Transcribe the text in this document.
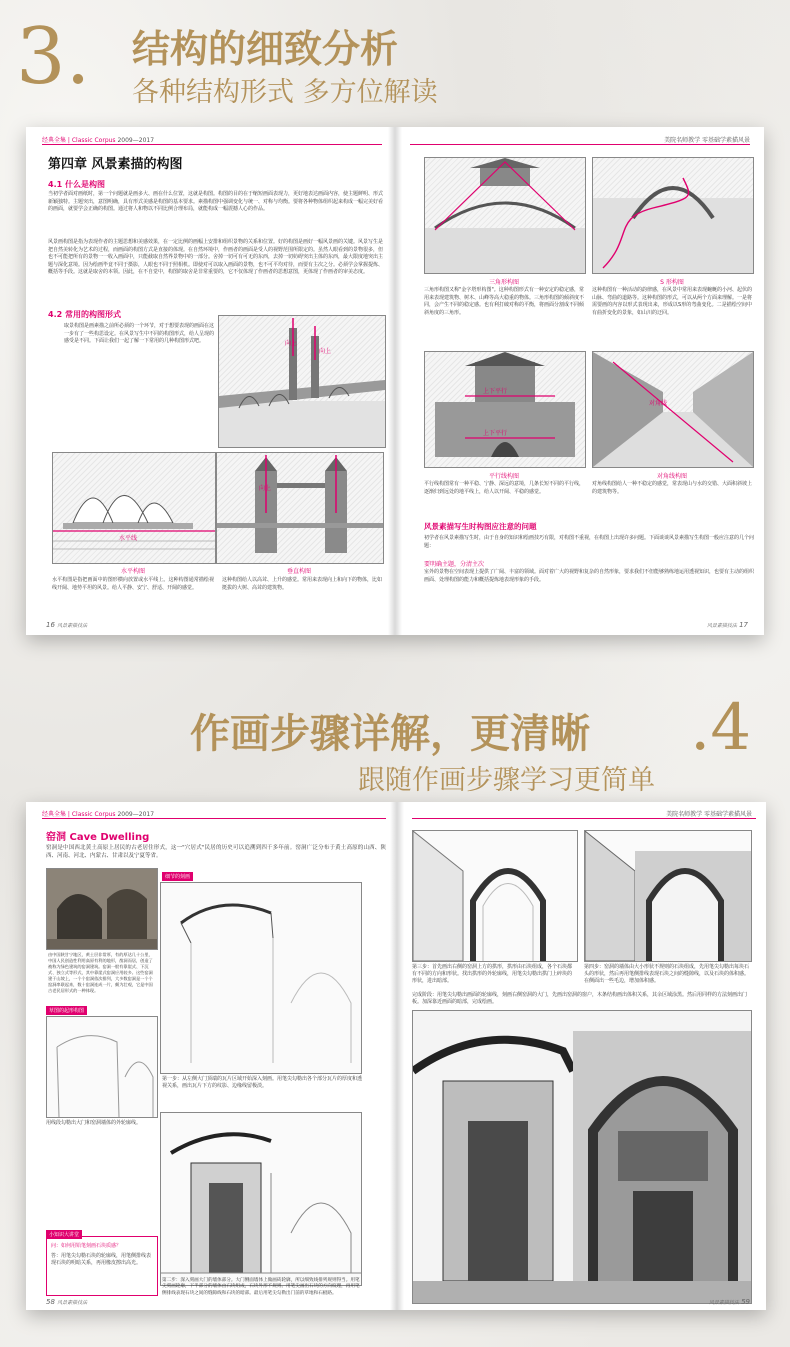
3. 结构的细致分析
各种结构形式 多方位解读
经典全集 | Classic Corpus 2009—2017
第四章 风景素描的构图
4.1 什么是构图
当初学者面对画纸时，第一个问题就是画多大、画在什么位置，这就是构图。构图的目的在于缩短画面表现力，更好地表达画面内容，使主题鲜明、形式新颖独特。主题突出，意图明确，具有形式美感是构图的基本要求。素描构图中强调变化与统一、对称与均衡。要将各种物体组织起来构成一幅完美好看的画面，就要学会正确的构图。通过将人和物以不同比例合理布局，就能构成一幅震撼人心的作品。
风景画构图是指为表现作者的主题思想和美感效果，在一定比例的画幅上安排和组织景物的关系和位置。好的构图是画好一幅风景画的关键。风景写生是把自然美转化为艺术的过程，而画面的构图方式是直接的体现。在自然环境中，作画者的画面是受人的视野范围所限定的。虽然人眼看到的景物很多，但也不可能把所有的景物一一收入画面中，只能截取自然界景物中的一部分。舍掉一切可有可无的东西，去掉一切妨碍突出主体的东西，最大限度地突出主题与深化意境。因为绘画毕竟不同于摄影，人眼也不同于照相机。即使对可以取入画面的景物，也不可平均对待，而要有主次之分。必须学会掌握提炼、概括等手段。这就是取舍的本领。因此，在不自觉中，构图的取舍是非常重要的，它不仅体现了作画者的思想意图，更体现了作画者的审美态度。
4.2 常用的构图形式
取景构图是画素描之前所必须的一个环节，对于想要表现的画面在这一步有了一些构思设定。在风景写生中不同的构图形式，给人呈现的感受是不同。下面让我们一起了解一下常用的几种构图形式吧。	向上
向上
水平线
向上
水平构图	垂直构图
水平构图是指把画面中的图形横向放置或水平线上。这种构图通常描绘视线开阔、地势平坦的风景。给人平静、安宁、舒适、开阔的感觉。
这种构图给人以高耸、上升的感觉。常用来表现向上和向下的物体，比如挺拔的大树、高耸的建筑物。
16 风景素描技法
美院名师教学 零基础学素描风景
三角形构图	S 形构图
三角形构图又称"金字塔形构图"。这种构图形式有一种安定的稳定感，常用来表现建筑物、树木、山峰等高大稳重的物体。三角形构图的倾斜度不同，会产生不同的稳定感。也有利打破对称的平衡，将画面分割成不同倾斜角度的三角形。
这种构图有一种活动的韵律感，在风景中常用来表现蜿蜒的小河、起伏的山脉、弯曲的道路等。这种构图的形式，可以从两个方面来理解。一是将需要画的内容以形式表现出来，形成以S形的弯曲变化。二是描绘空间中有曲折变化的景象，如山川的迂回。
上下平行
上下平行
对角线
平行线构图	对角线构图
平行线构图常有一种平稳、宁静、深远的意境，几条长短不同的平行线，逐渐归到远处的地平线上，给人以开阔、平稳的感觉。
对角线构图给人一种不稳定的感觉，常表现山与水的交错、大面积斜坡上的建筑物等。
风景素描写生时构图应注意的问题
初学者在风景素描写生时，由于自身的知识和绘画技巧有限，对构图不重视，在构图上出现许多问题。下面谈谈风景素描写生构图一般应注意的几个问题：
要明确主题，分清主次
室外的景物在空间表现上提供了广阔、丰富的领域。面对着广大的视野和复杂的自然形象，要求我们不但能够熟练地运用透视知识，也要有主动的组织画面、处理构图的能力和概括提炼地表现形象的手段。
风景素描技法 17
作画步骤详解，更清晰 .4
跟随作画步骤学习更简单
经典全集 | Classic Corpus 2009—2017
窑洞 Cave Dwelling
窑洞是中国西北黄土高原上居民的古老居住形式，这一"穴居式"民居的历史可以追溯到四千多年前。窑洞广泛分布于黄土高原的山西、陕西、河南、河北、内蒙古、甘肃以及宁夏等省。
由中国陕甘宁地区，黄土层非常厚，有的厚达几十公里，中国人民创造性利用高原有利的地形，凿洞而居，创造了被称为绿色建筑的窑洞建筑。窑洞一般有靠崖式、下沉式、独立式等形式，其中靠崖式窑洞应用较多。这些窑洞建于山坡上，一个个窑洞依次排列，大多数窑洞是一个个窑洞串联起来，数十窑洞连成一片，颇为壮观，它是中国古老民居形式的一种体现。
细节的刻画
第一步：从左侧大门顶端的瓦片区域开始深入刻画。用笔尖勾勒出各个部分瓦片的厚度和透视关系，画出瓦片下方的纹影、边缘线留极淡。
草图的起形构图
用线段勾勒出大门和窑洞墙体的外轮廓线。
第二步：深入刻画大门的墙体部分。大门侧面墙体上做画砖轮廓，所以细致线排列规则得当。用笔尖刻画轮廓，下半部分的墙体由石块组成，石块外形不规则。用笔尖画出石块的方向纹理，再用笔侧排线表现石块之间的缝隙线和石块的暗部。最后用笔尖勾勒出门前的草地和石板路。
小知识大讲堂
问：如何用铅笔刻画石块质感？
答：用笔尖勾勒石块的轮廓线，用笔侧排线表现石块的明暗关系，再用橡皮擦出高光。
58 风景素描技法
美院名师教学 零基础学素描风景
第三步：首先画出右侧的窑洞上方的拱形，拱形由石块组成，各个石块都有不同的方向和形状。找出拱形的外轮廓线，用笔尖勾勒出拱门上碎块的形状，进出暗部。
第四步：窑洞的墙体由大小形状不规则的石块组成，先用笔尖勾勒出每块石头的形状，然后再用笔侧排线表现石块之间的缝隙线，以及石块的体积感。在侧面出一些毛边，增加体积感。
完成阶段：用笔尖勾勒出画面的轮廓线，刻画右侧窑洞的大门，先画出窑洞的窗户，木条结构画出体积关系，其余区域涂黑。然后用同样的方法刻画出门板。加深靠近画面的暗部，完成绘画。
风景素描技法 59
